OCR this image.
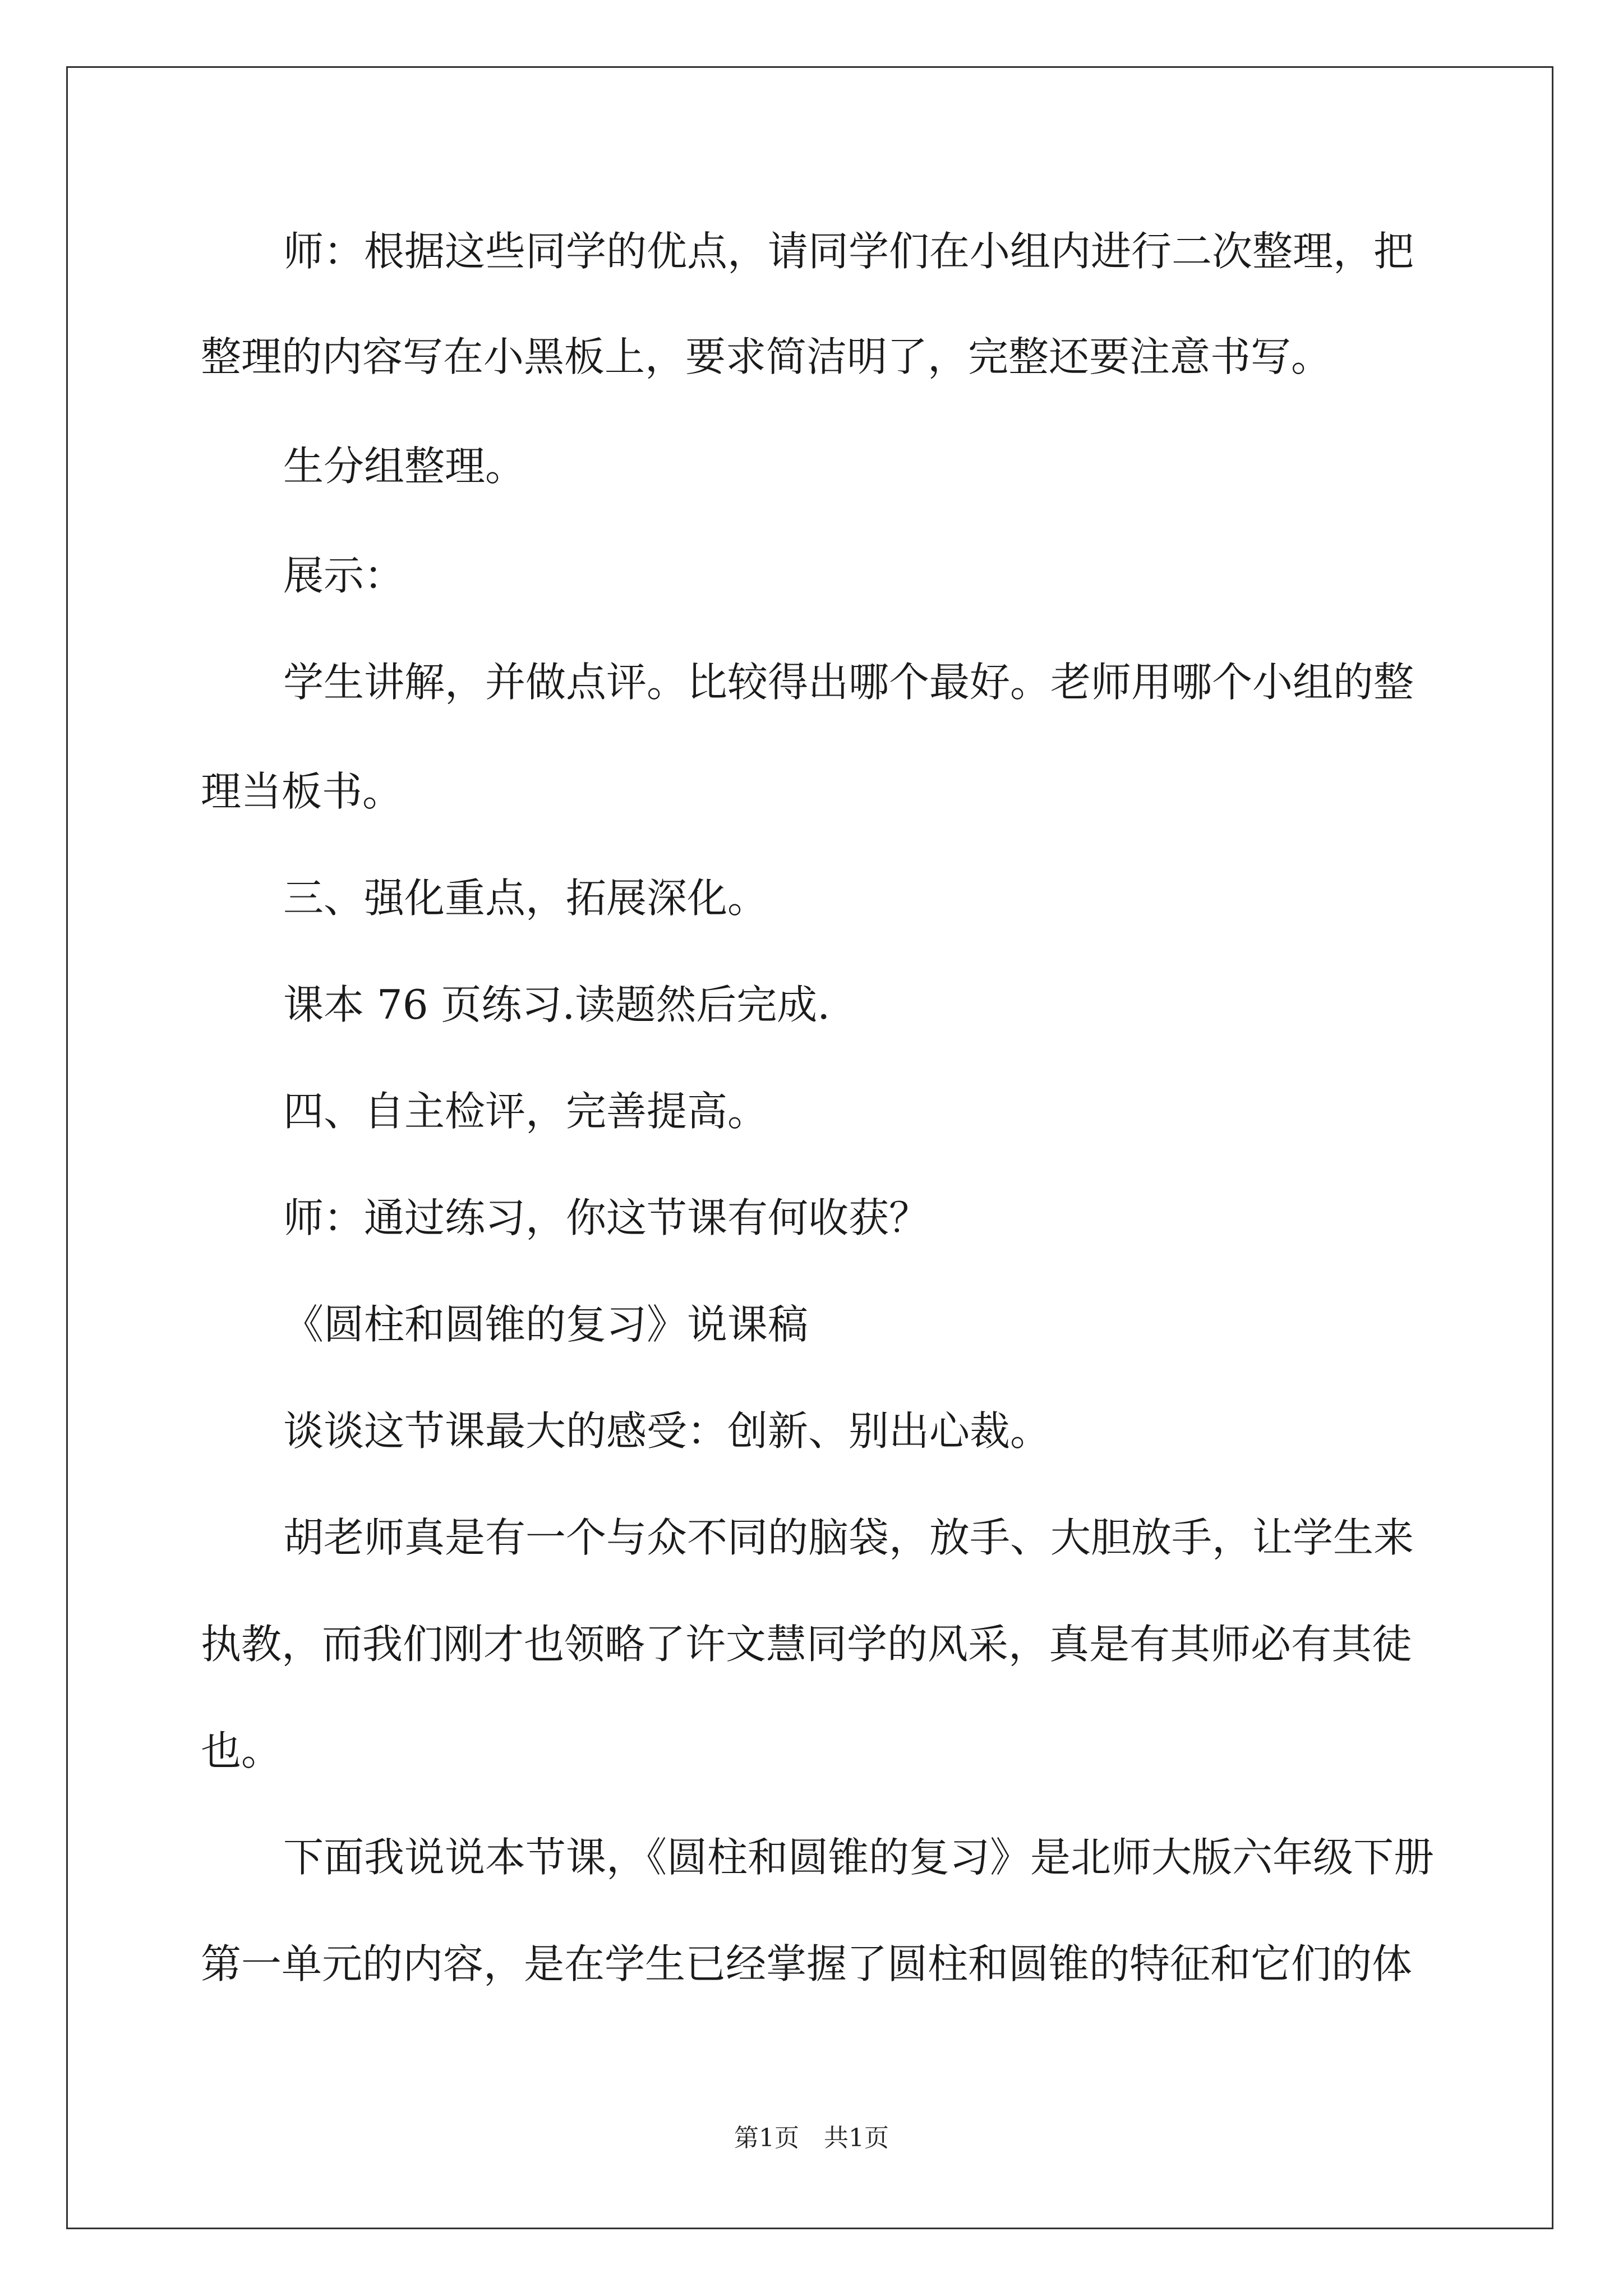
师：根据这些同学的优点，请同学们在小组内进行二次整理，把
整理的内容写在小黑板上，要求简洁明了，完整还要注意书写。
生分组整理。
展示：
学生讲解，并做点评。比较得出哪个最好。老师用哪个小组的整
理当板书。
三、强化重点，拓展深化。
课本 76 页练习.读题然后完成.
四、自主检评，完善提高。
师：通过练习，你这节课有何收获？
《圆柱和圆锥的复习》说课稿
谈谈这节课最大的感受：创新、别出心裁。
胡老师真是有一个与众不同的脑袋，放手、大胆放手，让学生来
执教，而我们刚才也领略了许文慧同学的风采，真是有其师必有其徒
也。
下面我说说本节课，《圆柱和圆锥的复习》是北师大版六年级下册
第一单元的内容，是在学生已经掌握了圆柱和圆锥的特征和它们的体
第1页　共1页
